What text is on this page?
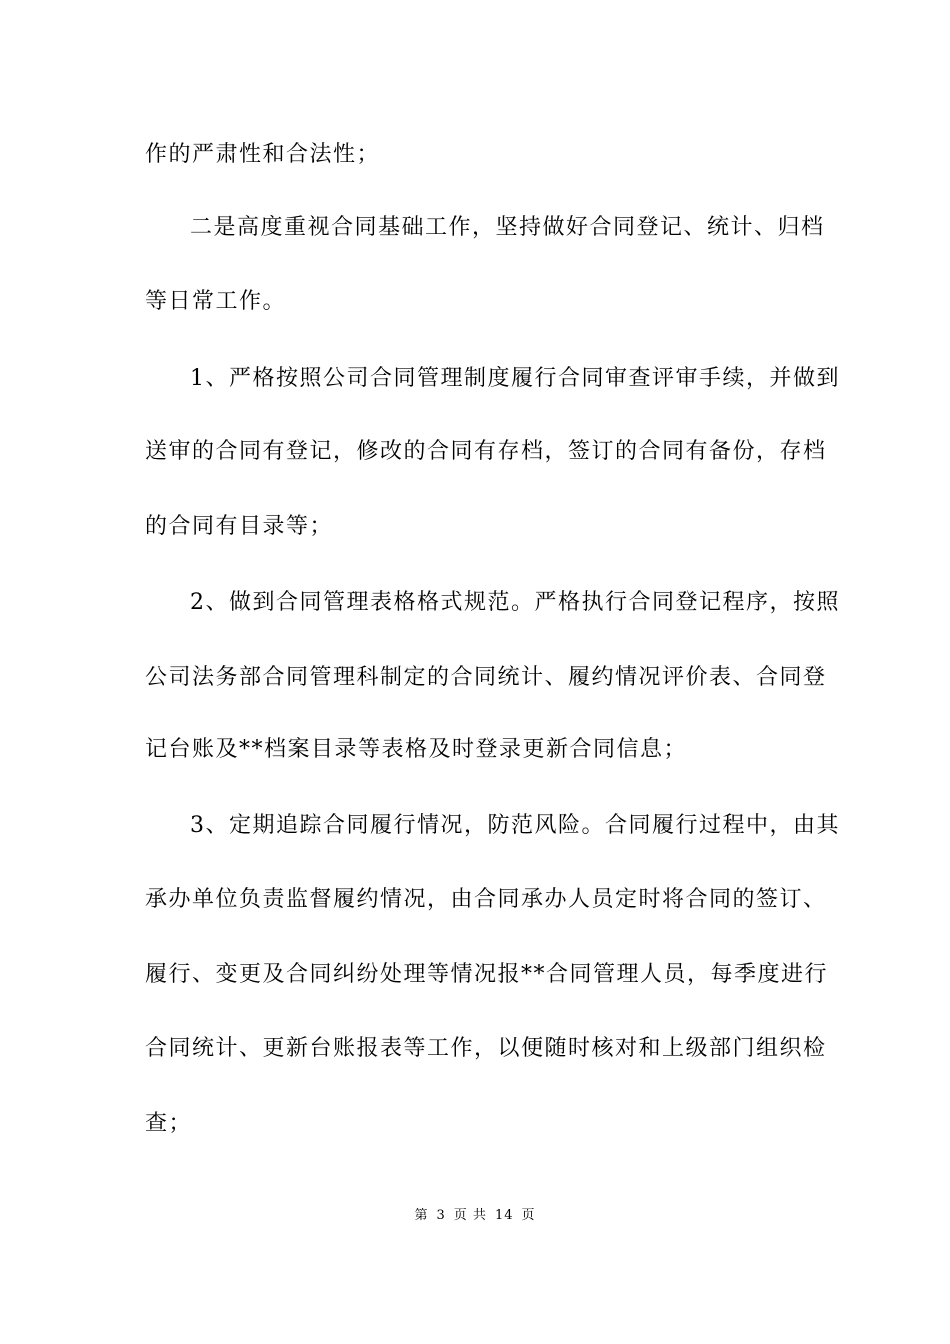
作的严肃性和合法性；
二是高度重视合同基础工作，坚持做好合同登记、统计、归档
等日常工作。
1、严格按照公司合同管理制度履行合同审查评审手续，并做到
送审的合同有登记，修改的合同有存档，签订的合同有备份，存档
的合同有目录等；
2、做到合同管理表格格式规范。严格执行合同登记程序，按照
公司法务部合同管理科制定的合同统计、履约情况评价表、合同登
记台账及**档案目录等表格及时登录更新合同信息；
3、定期追踪合同履行情况，防范风险。合同履行过程中，由其
承办单位负责监督履约情况，由合同承办人员定时将合同的签订、
履行、变更及合同纠纷处理等情况报**合同管理人员，每季度进行
合同统计、更新台账报表等工作，以便随时核对和上级部门组织检
查；
第 3 页 共 14 页
